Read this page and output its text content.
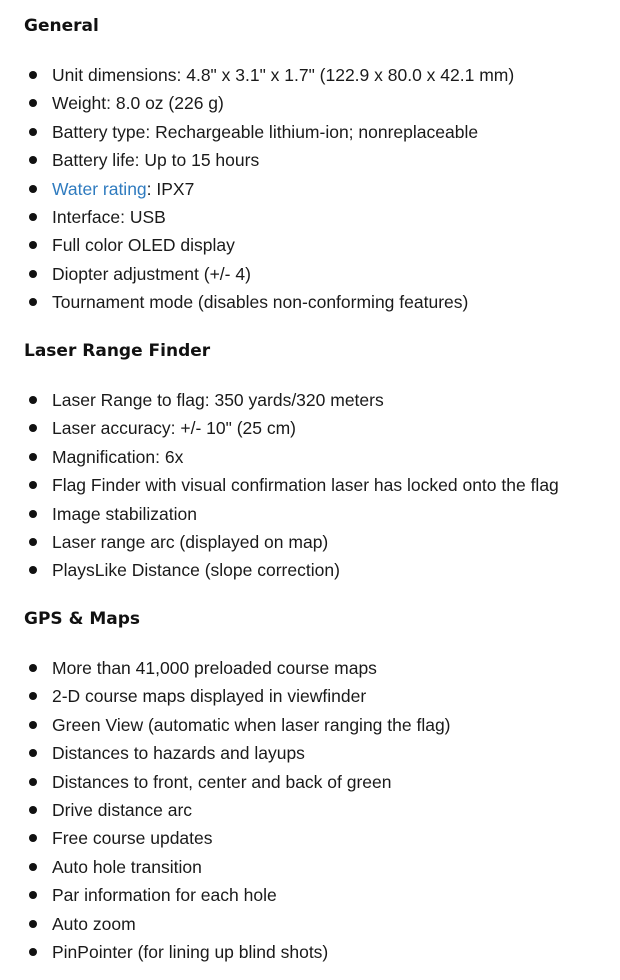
General
Unit dimensions: 4.8" x 3.1" x 1.7" (122.9 x 80.0 x 42.1 mm)
Weight: 8.0 oz (226 g)
Battery type: Rechargeable lithium-ion; nonreplaceable
Battery life: Up to 15 hours
Water rating: IPX7
Interface: USB
Full color OLED display
Diopter adjustment (+/- 4)
Tournament mode (disables non-conforming features)
Laser Range Finder
Laser Range to flag: 350 yards/320 meters
Laser accuracy: +/- 10" (25 cm)
Magnification: 6x
Flag Finder with visual confirmation laser has locked onto the flag
Image stabilization
Laser range arc (displayed on map)
PlaysLike Distance (slope correction)
GPS & Maps
More than 41,000 preloaded course maps
2-D course maps displayed in viewfinder
Green View (automatic when laser ranging the flag)
Distances to hazards and layups
Distances to front, center and back of green
Drive distance arc
Free course updates
Auto hole transition
Par information for each hole
Auto zoom
PinPointer (for lining up blind shots)
